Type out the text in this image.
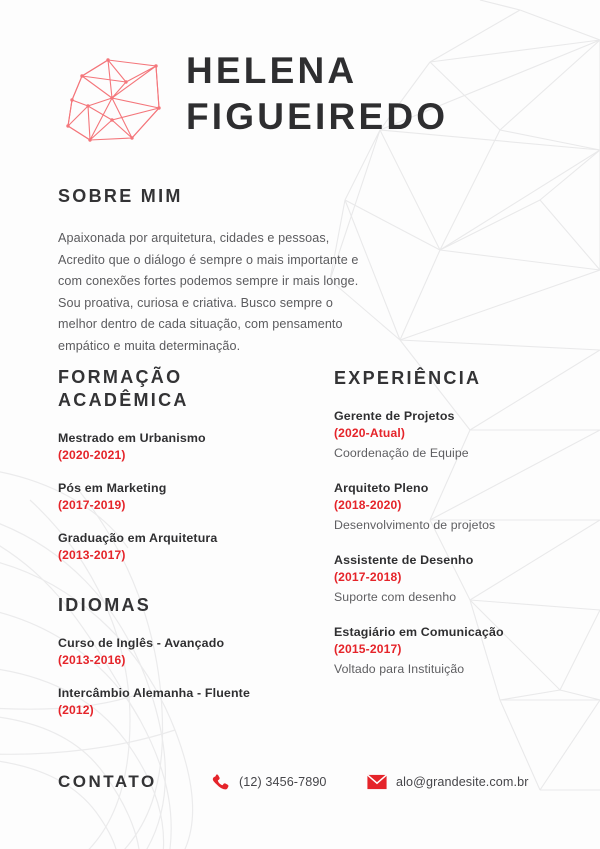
HELENA
FIGUEIREDO
SOBRE MIM
Apaixonada por arquitetura, cidades e pessoas, Acredito que o diálogo é sempre o mais importante e com conexões fortes podemos sempre ir mais longe. Sou proativa, curiosa e criativa. Busco sempre o melhor dentro de cada situação, com pensamento empático e muita determinação.
FORMAÇÃO
ACADÊMICA
Mestrado em Urbanismo
(2020-2021)
Pós em Marketing
(2017-2019)
Graduação em Arquitetura
(2013-2017)
IDIOMAS
Curso de Inglês - Avançado
(2013-2016)
Intercâmbio Alemanha - Fluente
(2012)
EXPERIÊNCIA
Gerente de Projetos
(2020-Atual)
Coordenação de Equipe
Arquiteto Pleno
(2018-2020)
Desenvolvimento de projetos
Assistente de Desenho
(2017-2018)
Suporte com desenho
Estagiário em Comunicação
(2015-2017)
Voltado para Instituição
CONTATO	(12) 3456-7890	alo@grandesite.com.br
